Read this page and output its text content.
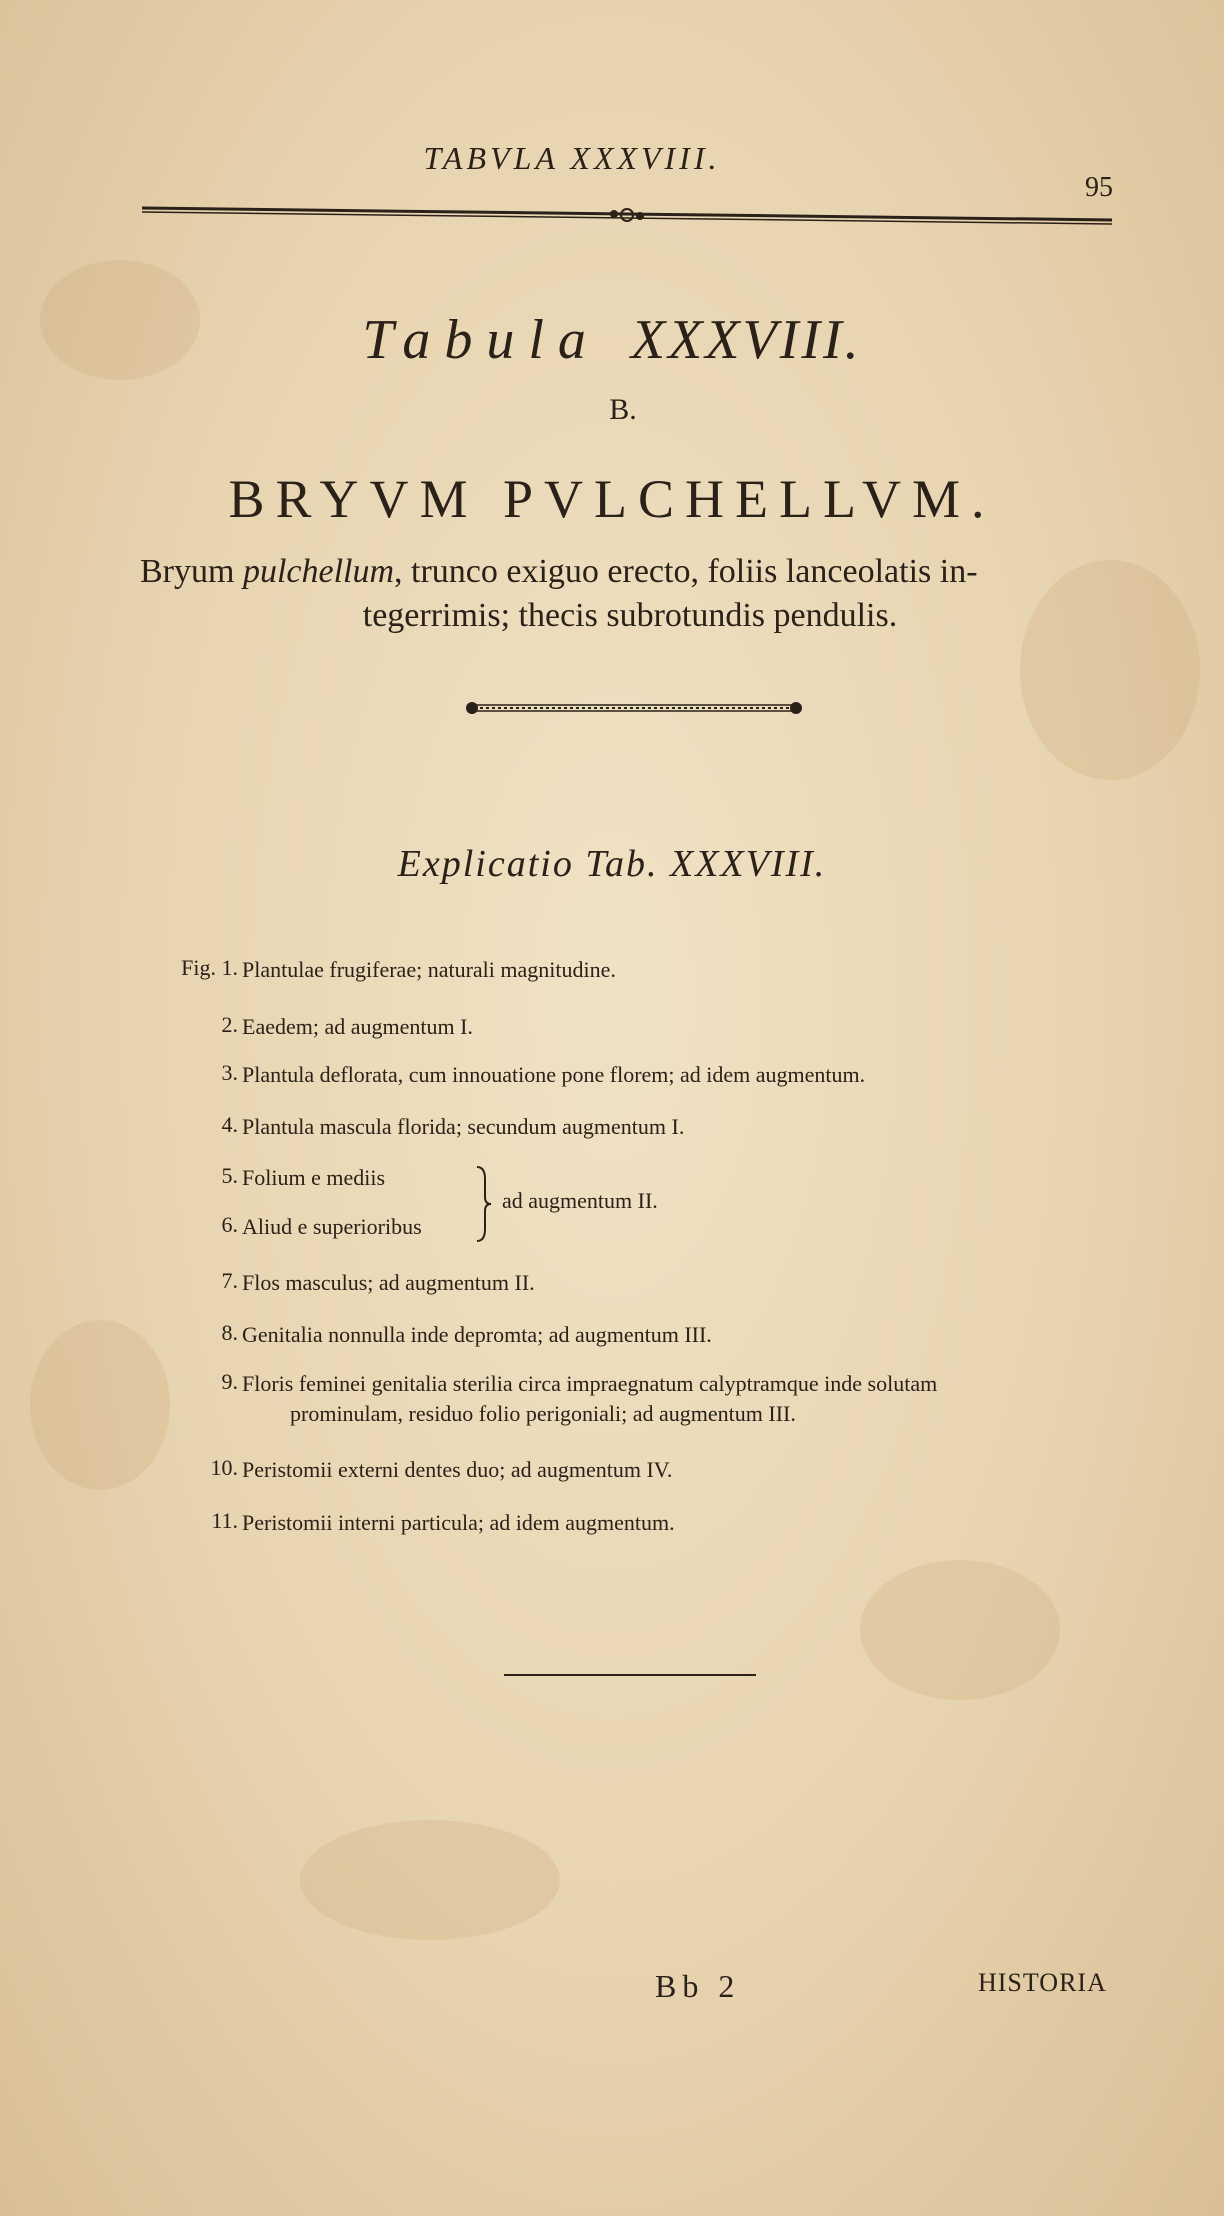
TABVLA XXXVIII.
95
Tabula XXXVIII.
B.
BRYVM PVLCHELLVM.
Bryum pulchellum, trunco exiguo erecto, foliis lanceolatis in-
tegerrimis; thecis subrotundis pendulis.
Explicatio Tab. XXXVIII.
Fig. 1. Plantulae frugiferae; naturali magnitudine.
2. Eaedem; ad augmentum I.
3. Plantula deflorata, cum innouatione pone florem; ad idem augmentum.
4. Plantula mascula florida; secundum augmentum I.
5. Folium e mediis
6. Aliud e superioribus
ad augmentum II.
7. Flos masculus; ad augmentum II.
8. Genitalia nonnulla inde depromta; ad augmentum III.
9. Floris feminei genitalia sterilia circa impraegnatum calyptramque inde solutam
prominulam, residuo folio perigoniali; ad augmentum III.
10. Peristomii externi dentes duo; ad augmentum IV.
11. Peristomii interni particula; ad idem augmentum.
Bb 2	HISTORIA
